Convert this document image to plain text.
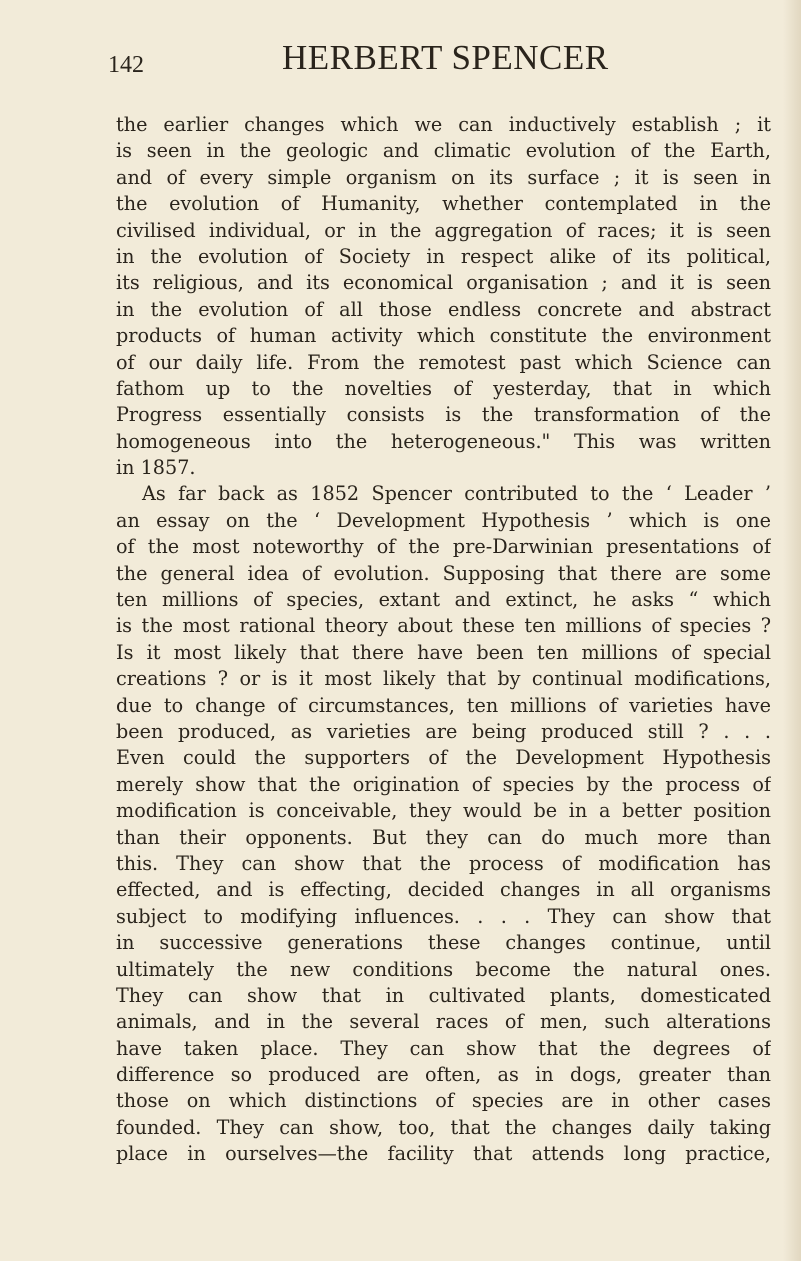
142	HERBERT SPENCER
the earlier changes which we can inductively establish ; it
is seen in the geologic and climatic evolution of the Earth,
and of every simple organism on its surface ; it is seen in
the evolution of Humanity, whether contemplated in the
civilised individual, or in the aggregation of races; it is seen
in the evolution of Society in respect alike of its political,
its religious, and its economical organisation ; and it is seen
in the evolution of all those endless concrete and abstract
products of human activity which constitute the environment
of our daily life. From the remotest past which Science can
fathom up to the novelties of yesterday, that in which
Progress essentially consists is the transformation of the
homogeneous into the heterogeneous." This was written
in 1857.
As far back as 1852 Spencer contributed to the ‘ Leader ’
an essay on the ‘ Development Hypothesis ’ which is one
of the most noteworthy of the pre-Darwinian presentations of
the general idea of evolution. Supposing that there are some
ten millions of species, extant and extinct, he asks “ which
is the most rational theory about these ten millions of species ?
Is it most likely that there have been ten millions of special
creations ? or is it most likely that by continual modifications,
due to change of circumstances, ten millions of varieties have
been produced, as varieties are being produced still ? . . .
Even could the supporters of the Development Hypothesis
merely show that the origination of species by the process of
modification is conceivable, they would be in a better position
than their opponents. But they can do much more than
this. They can show that the process of modification has
effected, and is effecting, decided changes in all organisms
subject to modifying influences. . . . They can show that
in successive generations these changes continue, until
ultimately the new conditions become the natural ones.
They can show that in cultivated plants, domesticated
animals, and in the several races of men, such alterations
have taken place. They can show that the degrees of
difference so produced are often, as in dogs, greater than
those on which distinctions of species are in other cases
founded. They can show, too, that the changes daily taking
place in ourselves—the facility that attends long practice,
